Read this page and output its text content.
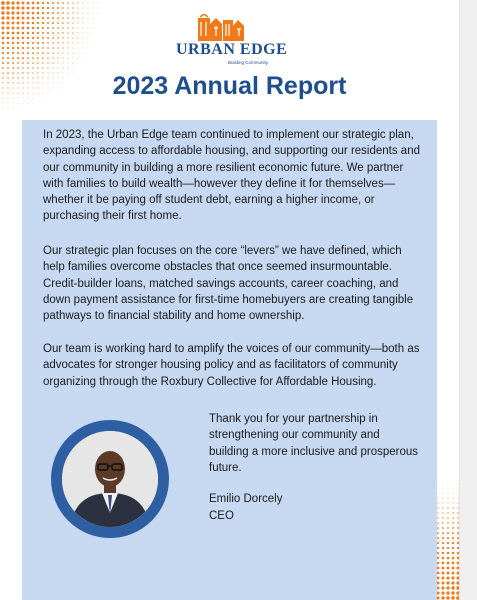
URBAN EDGE
Building Community
2023 Annual Report

In 2023, the Urban Edge team continued to implement our strategic plan, expanding access to affordable housing, and supporting our residents and our community in building a more resilient economic future. We partner with families to build wealth—however they define it for themselves—whether it be paying off student debt, earning a higher income, or purchasing their first home.

Our strategic plan focuses on the core “levers” we have defined, which help families overcome obstacles that once seemed insurmountable. Credit-builder loans, matched savings accounts, career coaching, and down payment assistance for first-time homebuyers are creating tangible pathways to financial stability and home ownership.

Our team is working hard to amplify the voices of our community—both as advocates for stronger housing policy and as facilitators of community organizing through the Roxbury Collective for Affordable Housing.

Thank you for your partnership in strengthening our community and building a more inclusive and prosperous future.
Emilio Dorcely
CEO
